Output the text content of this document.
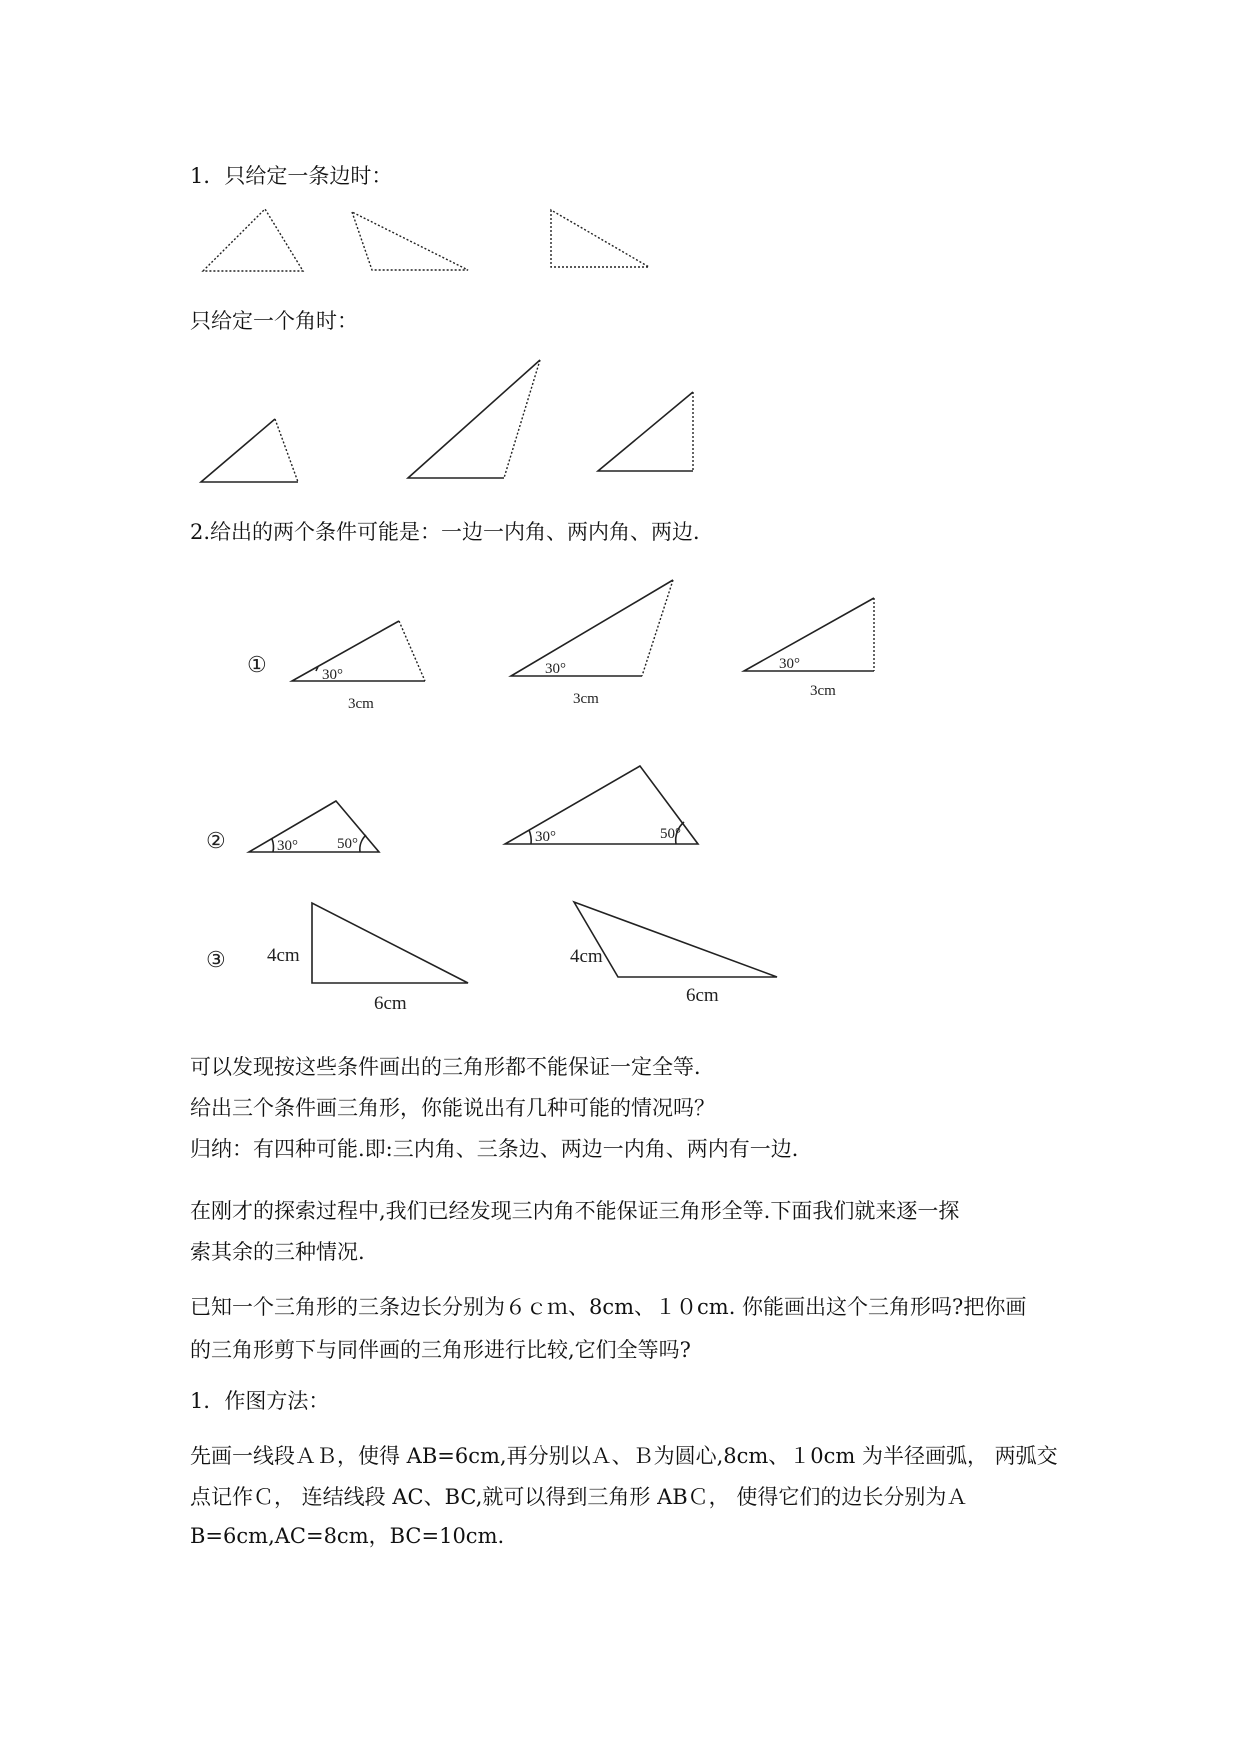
1．只给定一条边时：
只给定一个角时：
2.给出的两个条件可能是：一边一内角、两内角、两边．
①	30°
3cm
30°
3cm
30°
3cm
②	30°	50°	30°	50°
③ 4cm
6cm
4cm
6cm
可以发现按这些条件画出的三角形都不能保证一定全等．
给出三个条件画三角形，你能说出有几种可能的情况吗？
归纳：有四种可能.即:三内角、三条边、两边一内角、两内有一边．
在刚才的探索过程中,我们已经发现三内角不能保证三角形全等.下面我们就来逐一探
索其余的三种情况.
已知一个三角形的三条边长分别为６ｃｍ、8cm、１０cm. 你能画出这个三角形吗?把你画
的三角形剪下与同伴画的三角形进行比较,它们全等吗?
1．作图方法：
先画一线段ＡＢ，使得 AB=6cm,再分别以Ａ、Ｂ为圆心,8cm、１0cm 为半径画弧， 两弧交
点记作Ｃ， 连结线段 AC、BC,就可以得到三角形 ABＣ， 使得它们的边长分别为Ａ
B=6cm,AC=8cm，BC=10cm.
